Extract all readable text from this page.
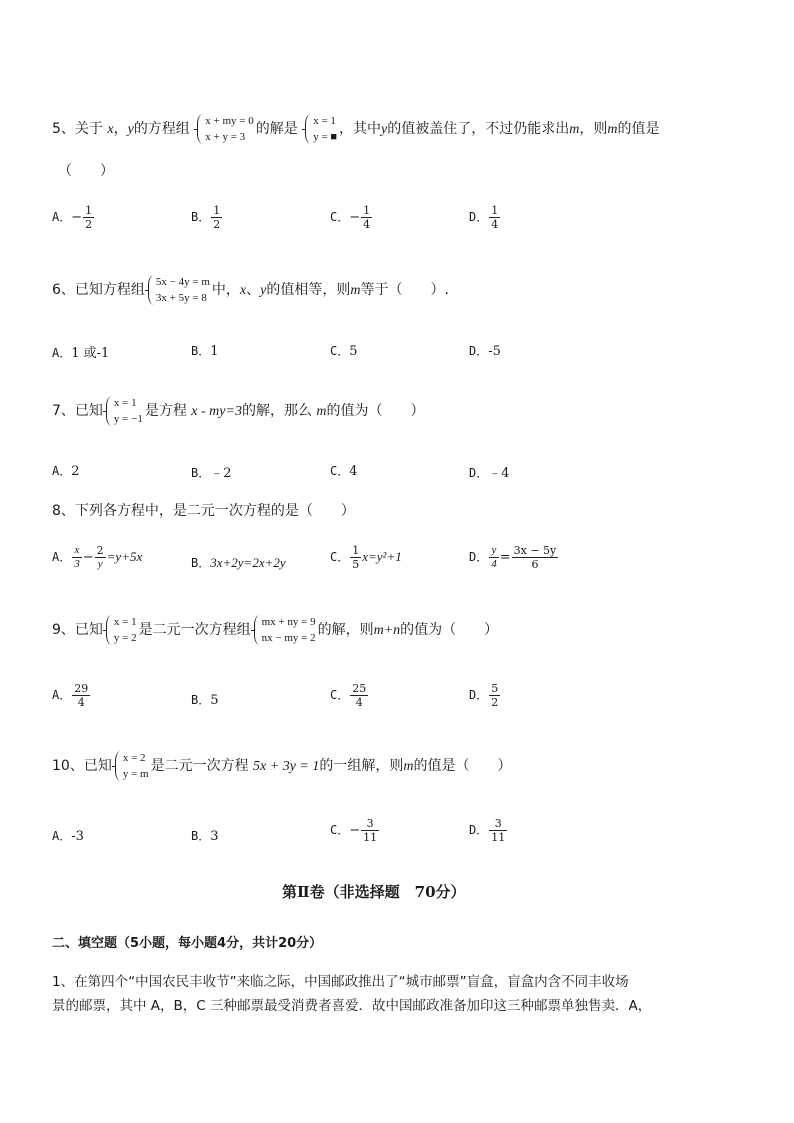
5、关于 x，y的方程组 x + my = 0
x + y = 3 的解是 x = 1
y = ■ ，其中y的值被盖住了，不过仍能求出m，则m的值是
（　　）
A．− $\frac{1}{2}$	B． $\frac{1}{2}$	C．− $\frac{1}{4}$	D． $\frac{1}{4}$
6、已知方程组 5x − 4y = m
3x + 5y = 8 中，x、y的值相等，则m等于（　　）.
A．1 或-1	B．1	C．5	D．-5
7、已知 x = 1
y = −1 是方程 x - my=3的解，那么 m的值为（　　）
A．2	B．﹣2	C．4	D．﹣4
8、下列各方程中，是二元一次方程的是（　　）
A． $\frac{x}{3} - \frac{2}{y} =y+5x$	B．3x+2y=2x+2y	C． $\frac{1}{5} x=y^2+1$	D． $\frac{y}{4} = \frac{3x - 5y}{6}$
9、已知 x = 1
y = 2 是二元一次方程组 mx + ny = 9
nx − my = 2 的解，则m+n的值为（　　）
A． $\frac{29}{4}$	B．5	C． $\frac{25}{4}$	D． $\frac{5}{2}$
10、已知 x = 2
y = m 是二元一次方程 5x + 3y = 1的一组解，则m的值是（　　）
A．-3	B．3	C．− $\frac{3}{11}$	D． $\frac{3}{11}$
第Ⅱ卷（非选择题　70分）
二、填空题（5小题，每小题4分，共计20分）
1、在第四个“中国农民丰收节”来临之际，中国邮政推出了“城市邮票”盲盒，盲盒内含不同丰收场
景的邮票，其中 A，B，C 三种邮票最受消费者喜爱．故中国邮政准备加印这三种邮票单独售卖．A，
